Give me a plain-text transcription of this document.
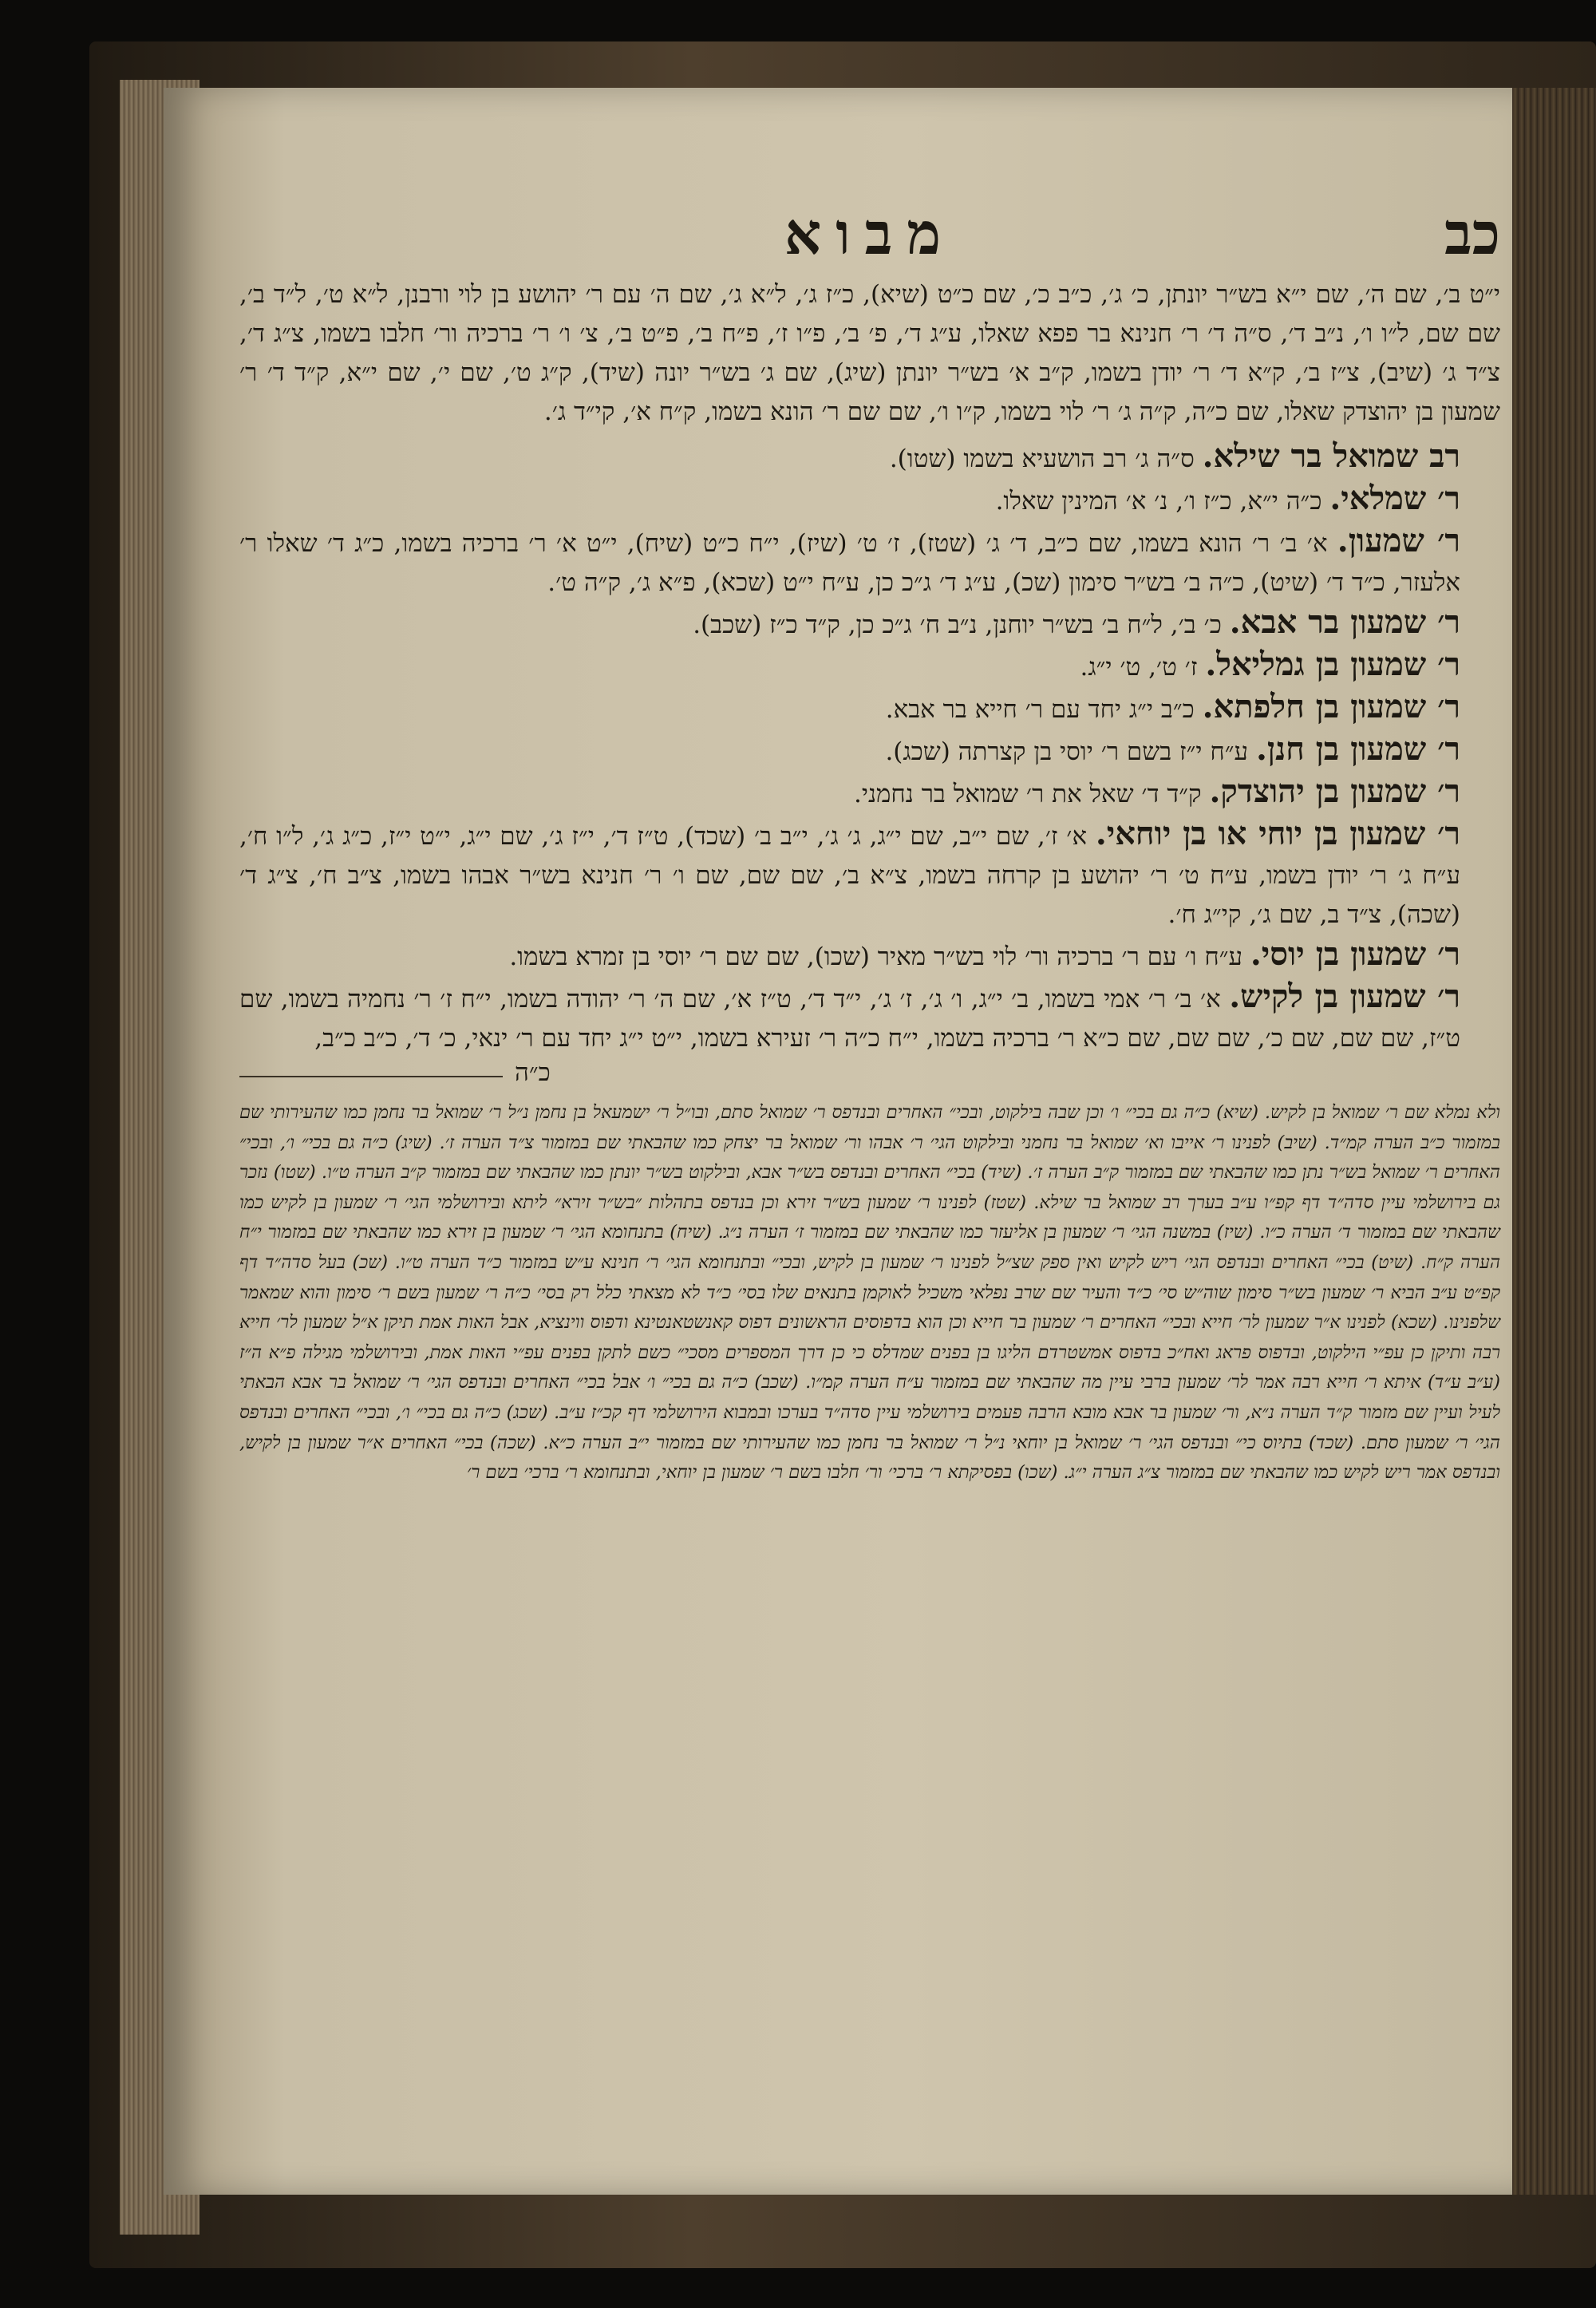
כב
מבוא

י״ט ב׳, שם ה׳, שם י״א בש״ר יונתן, כ׳ ג׳, כ״ב כ׳, שם כ״ט (שיא), כ״ז ג׳, ל״א ג׳, שם ה׳ עם ר׳ יהושע בן לוי ורבנן, ל״א ט׳, ל״ד ב׳, שם שם, ל״ו ו׳, נ״ב ד׳, ס״ה ד׳ ר׳ חנינא בר פפא שאלו, ע״ג ד׳, פ׳ ב׳, פ״ו ז׳, פ״ח ב׳, פ״ט ב׳, צ׳ ו׳ ר׳ ברכיה ור׳ חלבו בשמו, צ״ג ד׳, צ״ד ג׳ (שיב), צ״ז ב׳, ק״א ד׳ ר׳ יודן בשמו, ק״ב א׳ בש״ר יונתן (שיג), שם ג׳ בש״ר יונה (שיד), ק״ג ט׳, שם י׳, שם י״א, ק״ד ד׳ ר׳ שמעון בן יהוצדק שאלו, שם כ״ה, ק״ה ג׳ ר׳ לוי בשמו, ק״ו ו׳, שם שם ר׳ הונא בשמו, ק״ח א׳, קי״ד ג׳.

רב שמואל בר שילא. ס״ה ג׳ רב הושעיא בשמו (שטו).

ר׳ שמלאי. כ״ה י״א, כ״ז ו׳, נ׳ א׳ המינין שאלו.

ר׳ שמעון. א׳ ב׳ ר׳ הונא בשמו, שם כ״ב, ד׳ ג׳ (שטז), ז׳ ט׳ (שיז), י״ח כ״ט (שיח), י״ט א׳ ר׳ ברכיה בשמו, כ״ג ד׳ שאלו ר׳ אלעזר, כ״ד ד׳ (שיט), כ״ה ב׳ בש״ר סימון (שכ), ע״ג ד׳ ג״כ כן, ע״ח י״ט (שכא), פ״א ג׳, ק״ה ט׳.

ר׳ שמעון בר אבא. כ׳ ב׳, ל״ח ב׳ בש״ר יוחנן, נ״ב ח׳ ג״כ כן, ק״ד כ״ז (שכב).

ר׳ שמעון בן גמליאל. ז׳ ט׳, ט׳ י״ג.

ר׳ שמעון בן חלפתא. כ״ב י״ג יחד עם ר׳ חייא בר אבא.

ר׳ שמעון בן חנן. ע״ח י״ז בשם ר׳ יוסי בן קצרתה (שכג).

ר׳ שמעון בן יהוצדק. ק״ד ד׳ שאל את ר׳ שמואל בר נחמני.

ר׳ שמעון בן יוחי או בן יוחאי. א׳ ז׳, שם י״ב, שם י״ג, ג׳ ג׳, י״ב ב׳ (שכד), ט״ז ד׳, י״ז ג׳, שם י״ג, י״ט י״ז, כ״ג ג׳, ל״ו ח׳, ע״ח ג׳ ר׳ יודן בשמו, ע״ח ט׳ ר׳ יהושע בן קרחה בשמו, צ״א ב׳, שם שם, שם ו׳ ר׳ חנינא בש״ר אבהו בשמו, צ״ב ח׳, צ״ג ד׳ (שכה), צ״ד ב, שם ג׳, קי״ג ח׳.

ר׳ שמעון בן יוסי. ע״ח ו׳ עם ר׳ ברכיה ור׳ לוי בש״ר מאיר (שכו), שם שם ר׳ יוסי בן זמרא בשמו.

ר׳ שמעון בן לקיש. א׳ ב׳ ר׳ אמי בשמו, ב׳ י״ג, ו׳ ג׳, ז׳ ג׳, י״ד ד׳, ט״ז א׳, שם ה׳ ר׳ יהודה בשמו, י״ח ז׳ ר׳ נחמיה בשמו, שם ט״ז, שם שם, שם כ׳, שם שם, שם כ״א ר׳ ברכיה בשמו, י״ח כ״ה ר׳ זעירא בשמו, י״ט י״ג יחד עם ר׳ ינאי, כ׳ ד׳, כ״ב כ״ב,

כ״ה

ולא נמלא שם ר׳ שמואל בן לקיש. (שיא) כ״ה גם בכי״ ו׳ וכן שבה בילקוט, ובכי״ האחרים ובנדפס ר׳ שמואל סתם, ובו״ל ר׳ ישמעאל בן נחמן נ״ל ר׳ שמואל בר נחמן כמו שהעירותי שם במזמור כ״ב הערה קמ״ד. (שיב) לפנינו ר׳ אייבו וא׳ שמואל בר נחמני ובילקוט הגי׳ ר׳ אבהו ור׳ שמואל בר יצחק כמו שהבאתי שם במזמור צ״ד הערה ז׳. (שיג) כ״ה גם בכי״ ו׳, ובכי״ האחרים ר׳ שמואל בש״ר נתן כמו שהבאתי שם במזמור ק״ב הערה ז׳. (שיד) בכי״ האחרים ובנדפס בש״ר אבא, ובילקוט בש״ר יונתן כמו שהבאתי שם במזמור ק״ב הערה ט״ו. (שטו) נזכר גם בירושלמי עיין סדה״ד דף קפ״ו ע״ב בערך רב שמואל בר שילא. (שטז) לפנינו ר׳ שמעון בש״ר זירא וכן בנדפס בתהלות ״בש״ר זירא״ ליתא ובירושלמי הגי׳ ר׳ שמעון בן לקיש כמו שהבאתי שם במזמור ד׳ הערה כ״ו. (שיז) במשנה הגי׳ ר׳ שמעון בן אליעזר כמו שהבאתי שם במזמור ז׳ הערה נ״ג. (שיח) בתנחומא הגי׳ ר׳ שמעון בן זירא כמו שהבאתי שם במזמור י״ח הערה ק״ח. (שיט) בכי״ האחרים ובנדפס הגי׳ ריש לקיש ואין ספק שצ״ל לפנינו ר׳ שמעון בן לקיש, ובכי״ ובתנחומא הגי׳ ר׳ חנינא ע״ש במזמור כ״ד הערה ט״ו. (שכ) בעל סדה״ד דף קפ״ט ע״ב הביא ר׳ שמעון בש״ר סימון שוה״ש סי׳ כ״ד והעיר שם שרב נפלאי משכיל לאוקמן בתנאים שלו בסי׳ כ״ד לא מצאתי כלל רק בסי׳ כ״ה ר׳ שמעון בשם ר׳ סימון והוא שמאמר שלפנינו. (שכא) לפנינו א״ר שמעון לר׳ חייא ובכי״ האחרים ר׳ שמעון בר חייא וכן הוא בדפוסים הראשונים דפוס קאנשטאנטינא ודפוס ווינציא, אבל האות אמת תיקן א״ל שמעון לר׳ חייא רבה ותיקן כן עפ״י הילקוט, ובדפוס פראג ואח״כ בדפוס אמשטרדם הליגו בן בפנים שמדלס כי כן דרך המספרים מסכי״ כשם לתקן בפנים עפ״י האות אמת, ובירושלמי מגילה פ״א ה״ז (ע״ב ע״ד) איתא ר׳ חייא רבה אמר לר׳ שמעון ברבי עיין מה שהבאתי שם במזמור ע״ח הערה קמ״ו. (שכב) כ״ה גם בכי״ ו׳ אבל בכי״ האחרים ובנדפס הגי׳ ר׳ שמואל בר אבא הבאתי לעיל ועיין שם מזמור ק״ד הערה נ״א, ור׳ שמעון בר אבא מובא הרבה פעמים בירושלמי עיין סדה״ד בערכו ובמבוא הירושלמי דף קכ״ז ע״ב. (שכג) כ״ה גם בכי״ ו׳, ובכי״ האחרים ובנדפס הגי׳ ר׳ שמעון סתם. (שכד) בתיוס כי״ ובנדפס הגי׳ ר׳ שמואל בן יוחאי נ״ל ר׳ שמואל בר נחמן כמו שהעירותי שם במזמור י״ב הערה כ״א. (שכה) בכי״ האחרים א״ר שמעון בן לקיש, ובנדפס אמר ריש לקיש כמו שהבאתי שם במזמור צ״ג הערה י״ג. (שכו) בפסיקתא ר׳ ברכי׳ ור׳ חלבו בשם ר׳ שמעון בן יוחאי, ובתנחומא ר׳ ברכי׳ בשם ר׳
